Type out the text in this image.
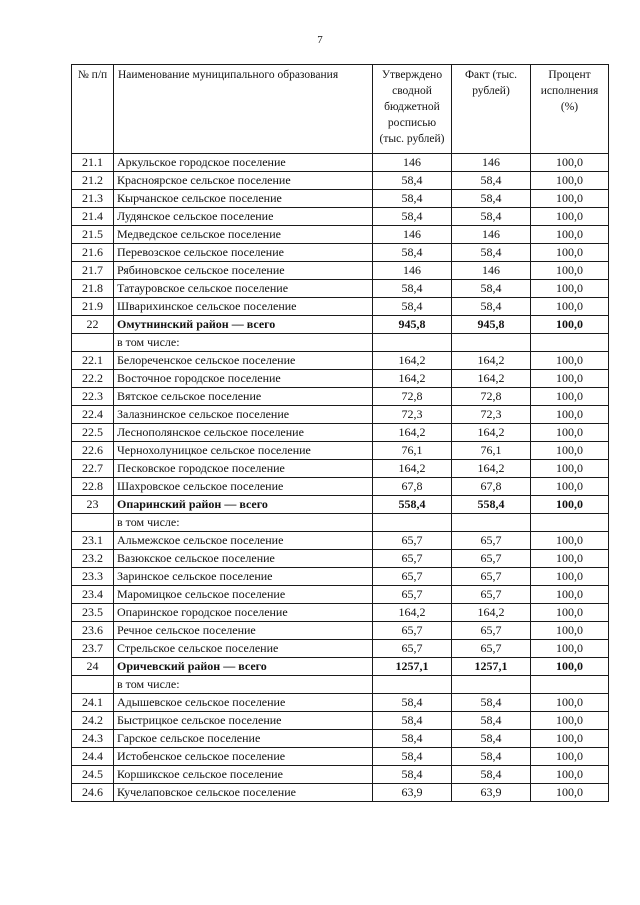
7
№ п/п	Наименование муниципального образования	Утверждено сводной бюджетной росписью (тыс. рублей)	Факт (тыс. рублей)	Процент исполнения (%)
21.1	Аркульское городское поселение	146	146	100,0
21.2	Красноярское сельское поселение	58,4	58,4	100,0
21.3	Кырчанское сельское поселение	58,4	58,4	100,0
21.4	Лудянское сельское поселение	58,4	58,4	100,0
21.5	Медведское сельское поселение	146	146	100,0
21.6	Перевозское сельское поселение	58,4	58,4	100,0
21.7	Рябиновское сельское поселение	146	146	100,0
21.8	Татауровское сельское поселение	58,4	58,4	100,0
21.9	Шварихинское сельское поселение	58,4	58,4	100,0
22	Омутнинский район — всего	945,8	945,8	100,0
	в том числе:			
22.1	Белореченское сельское поселение	164,2	164,2	100,0
22.2	Восточное городское поселение	164,2	164,2	100,0
22.3	Вятское сельское поселение	72,8	72,8	100,0
22.4	Залазнинское сельское поселение	72,3	72,3	100,0
22.5	Леснополянское сельское поселение	164,2	164,2	100,0
22.6	Чернохолуницкое сельское поселение	76,1	76,1	100,0
22.7	Песковское городское поселение	164,2	164,2	100,0
22.8	Шахровское сельское поселение	67,8	67,8	100,0
23	Опаринский район — всего	558,4	558,4	100,0
	в том числе:			
23.1	Альмежское сельское поселение	65,7	65,7	100,0
23.2	Вазюкское сельское поселение	65,7	65,7	100,0
23.3	Заринское сельское поселение	65,7	65,7	100,0
23.4	Маромицкое сельское поселение	65,7	65,7	100,0
23.5	Опаринское городское поселение	164,2	164,2	100,0
23.6	Речное сельское поселение	65,7	65,7	100,0
23.7	Стрельское сельское поселение	65,7	65,7	100,0
24	Оричевский район — всего	1257,1	1257,1	100,0
	в том числе:			
24.1	Адышевское сельское поселение	58,4	58,4	100,0
24.2	Быстрицкое сельское поселение	58,4	58,4	100,0
24.3	Гарское сельское поселение	58,4	58,4	100,0
24.4	Истобенское сельское поселение	58,4	58,4	100,0
24.5	Коршикское сельское поселение	58,4	58,4	100,0
24.6	Кучелаповское сельское поселение	63,9	63,9	100,0
